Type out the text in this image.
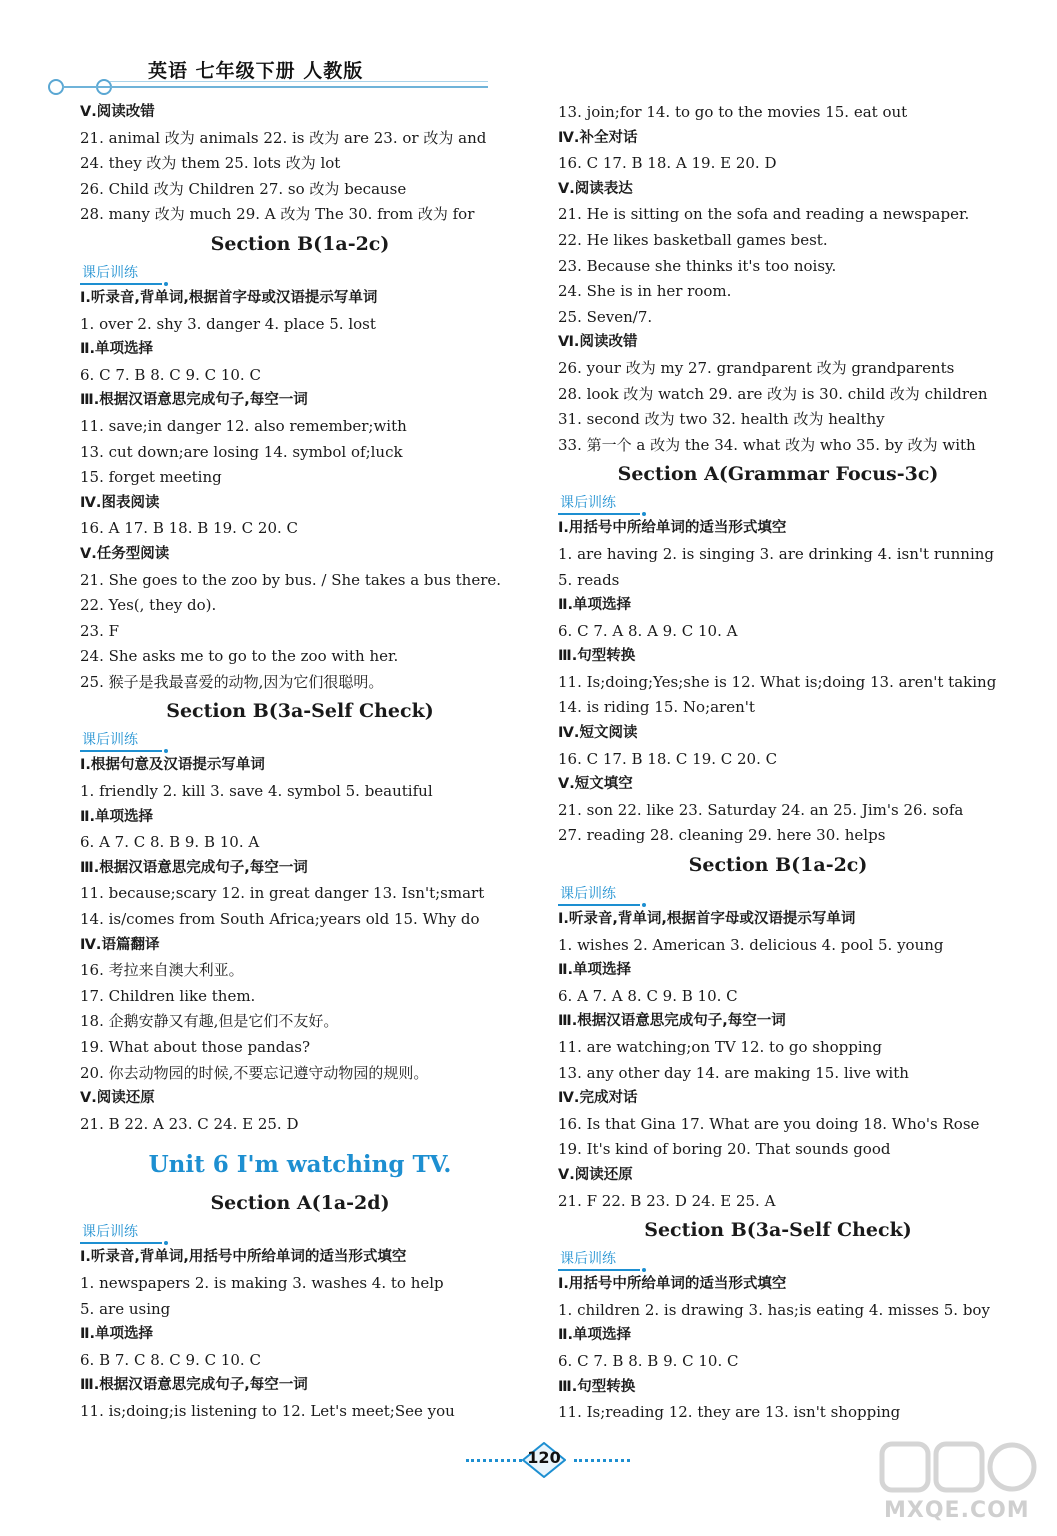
英语 七年级下册 人教版
Ⅴ.阅读改错
21. animal 改为 animals 22. is 改为 are 23. or 改为 and
24. they 改为 them 25. lots 改为 lot
26. Child 改为 Children 27. so 改为 because
28. many 改为 much 29. A 改为 The 30. from 改为 for
Section B(1a-2c)
课后训练
Ⅰ.听录音,背单词,根据首字母或汉语提示写单词
1. over 2. shy 3. danger 4. place 5. lost
Ⅱ.单项选择
6. C 7. B 8. C 9. C 10. C
Ⅲ.根据汉语意思完成句子,每空一词
11. save;in danger 12. also remember;with
13. cut down;are losing 14. symbol of;luck
15. forget meeting
Ⅳ.图表阅读
16. A 17. B 18. B 19. C 20. C
Ⅴ.任务型阅读
21. She goes to the zoo by bus. / She takes a bus there.
22. Yes(, they do).
23. F
24. She asks me to go to the zoo with her.
25. 猴子是我最喜爱的动物,因为它们很聪明。
Section B(3a-Self Check)
课后训练
Ⅰ.根据句意及汉语提示写单词
1. friendly 2. kill 3. save 4. symbol 5. beautiful
Ⅱ.单项选择
6. A 7. C 8. B 9. B 10. A
Ⅲ.根据汉语意思完成句子,每空一词
11. because;scary 12. in great danger 13. Isn't;smart
14. is/comes from South Africa;years old 15. Why do
Ⅳ.语篇翻译
16. 考拉来自澳大利亚。
17. Children like them.
18. 企鹅安静又有趣,但是它们不友好。
19. What about those pandas?
20. 你去动物园的时候,不要忘记遵守动物园的规则。
Ⅴ.阅读还原
21. B 22. A 23. C 24. E 25. D
Unit 6 I'm watching TV.
Section A(1a-2d)
课后训练
Ⅰ.听录音,背单词,用括号中所给单词的适当形式填空
1. newspapers 2. is making 3. washes 4. to help
5. are using
Ⅱ.单项选择
6. B 7. C 8. C 9. C 10. C
Ⅲ.根据汉语意思完成句子,每空一词
11. is;doing;is listening to 12. Let's meet;See you
13. join;for 14. to go to the movies 15. eat out
Ⅳ.补全对话
16. C 17. B 18. A 19. E 20. D
Ⅴ.阅读表达
21. He is sitting on the sofa and reading a newspaper.
22. He likes basketball games best.
23. Because she thinks it's too noisy.
24. She is in her room.
25. Seven/7.
Ⅵ.阅读改错
26. your 改为 my 27. grandparent 改为 grandparents
28. look 改为 watch 29. are 改为 is 30. child 改为 children
31. second 改为 two 32. health 改为 healthy
33. 第一个 a 改为 the 34. what 改为 who 35. by 改为 with
Section A(Grammar Focus-3c)
课后训练
Ⅰ.用括号中所给单词的适当形式填空
1. are having 2. is singing 3. are drinking 4. isn't running
5. reads
Ⅱ.单项选择
6. C 7. A 8. A 9. C 10. A
Ⅲ.句型转换
11. Is;doing;Yes;she is 12. What is;doing 13. aren't taking
14. is riding 15. No;aren't
Ⅳ.短文阅读
16. C 17. B 18. C 19. C 20. C
Ⅴ.短文填空
21. son 22. like 23. Saturday 24. an 25. Jim's 26. sofa
27. reading 28. cleaning 29. here 30. helps
Section B(1a-2c)
课后训练
Ⅰ.听录音,背单词,根据首字母或汉语提示写单词
1. wishes 2. American 3. delicious 4. pool 5. young
Ⅱ.单项选择
6. A 7. A 8. C 9. B 10. C
Ⅲ.根据汉语意思完成句子,每空一词
11. are watching;on TV 12. to go shopping
13. any other day 14. are making 15. live with
Ⅳ.完成对话
16. Is that Gina 17. What are you doing 18. Who's Rose
19. It's kind of boring 20. That sounds good
Ⅴ.阅读还原
21. F 22. B 23. D 24. E 25. A
Section B(3a-Self Check)
课后训练
Ⅰ.用括号中所给单词的适当形式填空
1. children 2. is drawing 3. has;is eating 4. misses 5. boy
Ⅱ.单项选择
6. C 7. B 8. B 9. C 10. C
Ⅲ.句型转换
11. Is;reading 12. they are 13. isn't shopping
120
MXQE.COM
